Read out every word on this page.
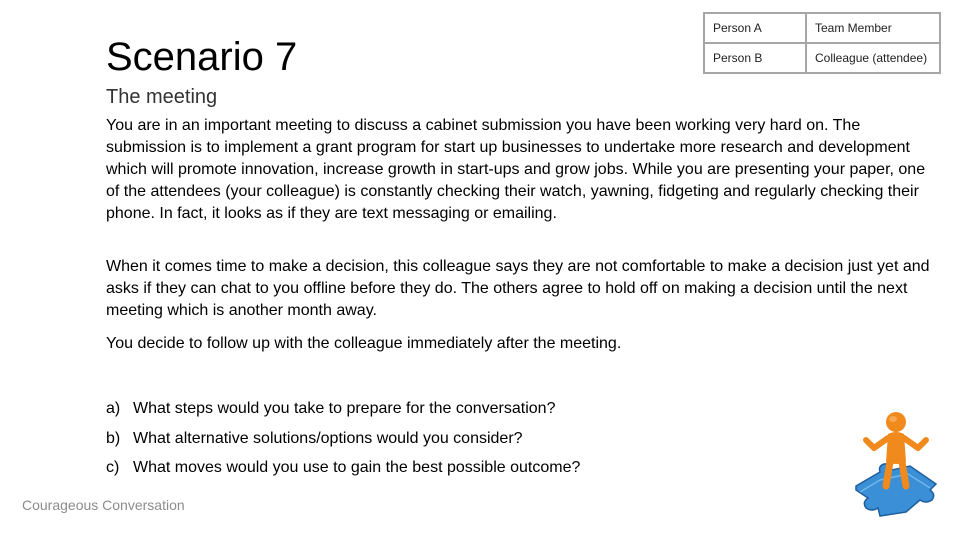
Scenario 7
The meeting
Person A	Team Member
Person B	Colleague (attendee)

You are in an important meeting to discuss a cabinet submission you have been working very hard on. The submission is to implement a grant program for start up businesses to undertake more research and development which will promote innovation, increase growth in start-ups and grow jobs. While you are presenting your paper, one of the attendees (your colleague) is constantly checking their watch, yawning, fidgeting and regularly checking their phone. In fact, it looks as if they are text messaging or emailing.

When it comes time to make a decision, this colleague says they are not comfortable to make a decision just yet and asks if they can chat to you offline before they do. The others agree to hold off on making a decision until the next meeting which is another month away.
You decide to follow up with the colleague immediately after the meeting.
a) What steps would you take to prepare for the conversation?
b) What alternative solutions/options would you consider?
c) What moves would you use to gain the best possible outcome?
Courageous Conversation
